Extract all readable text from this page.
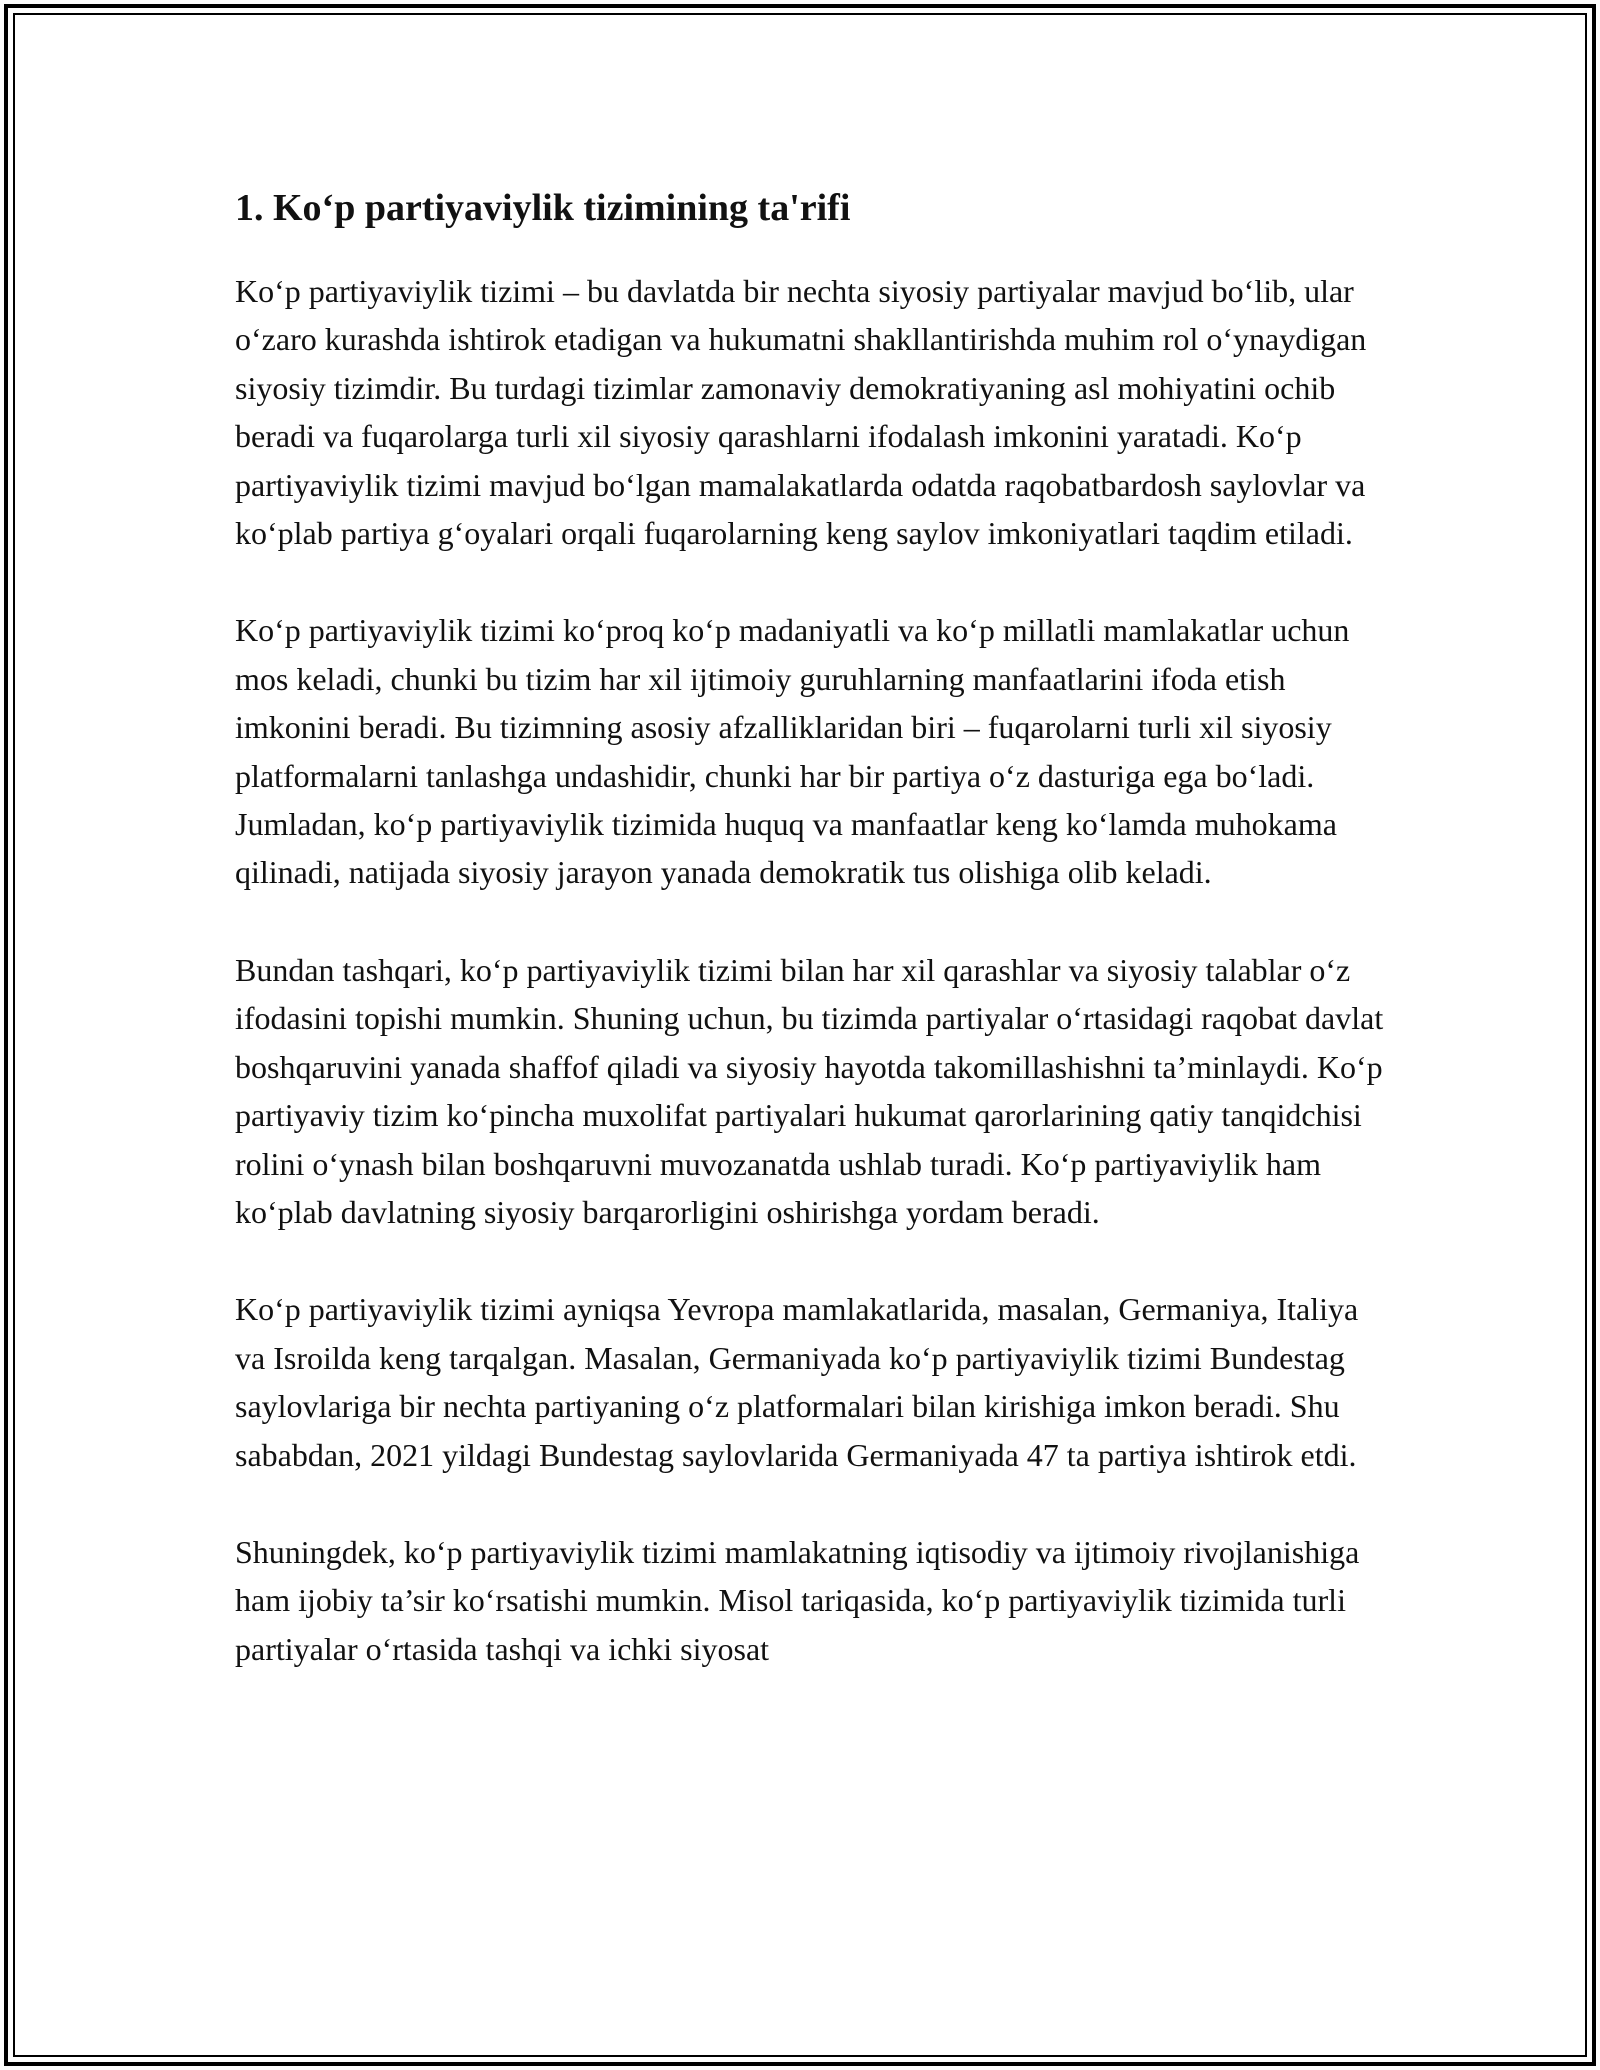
1. Koʻp partiyaviylik tizimining ta'rifi

Koʻp partiyaviylik tizimi – bu davlatda bir nechta siyosiy partiyalar mavjud boʻlib, ular oʻzaro kurashda ishtirok etadigan va hukumatni shakllantirishda muhim rol oʻynaydigan siyosiy tizimdir. Bu turdagi tizimlar zamonaviy demokratiyaning asl mohiyatini ochib beradi va fuqarolarga turli xil siyosiy qarashlarni ifodalash imkonini yaratadi. Koʻp partiyaviylik tizimi mavjud boʻlgan mamalakatlarda odatda raqobatbardosh saylovlar va koʻplab partiya gʻoyalari orqali fuqarolarning keng saylov imkoniyatlari taqdim etiladi.

Koʻp partiyaviylik tizimi koʻproq koʻp madaniyatli va koʻp millatli mamlakatlar uchun mos keladi, chunki bu tizim har xil ijtimoiy guruhlarning manfaatlarini ifoda etish imkonini beradi. Bu tizimning asosiy afzalliklaridan biri – fuqarolarni turli xil siyosiy platformalarni tanlashga undashidir, chunki har bir partiya oʻz dasturiga ega boʻladi. Jumladan, koʻp partiyaviylik tizimida huquq va manfaatlar keng koʻlamda muhokama qilinadi, natijada siyosiy jarayon yanada demokratik tus olishiga olib keladi.

Bundan tashqari, koʻp partiyaviylik tizimi bilan har xil qarashlar va siyosiy talablar oʻz ifodasini topishi mumkin. Shuning uchun, bu tizimda partiyalar oʻrtasidagi raqobat davlat boshqaruvini yanada shaffof qiladi va siyosiy hayotda takomillashishni ta’minlaydi. Koʻp partiyaviy tizim koʻpincha muxolifat partiyalari hukumat qarorlarining qatiy tanqidchisi rolini oʻynash bilan boshqaruvni muvozanatda ushlab turadi. Koʻp partiyaviylik ham koʻplab davlatning siyosiy barqarorligini oshirishga yordam beradi.

Koʻp partiyaviylik tizimi ayniqsa Yevropa mamlakatlarida, masalan, Germaniya, Italiya va Isroilda keng tarqalgan. Masalan, Germaniyada koʻp partiyaviylik tizimi Bundestag saylovlariga bir nechta partiyaning oʻz platformalari bilan kirishiga imkon beradi. Shu sababdan, 2021 yildagi Bundestag saylovlarida Germaniyada 47 ta partiya ishtirok etdi.

Shuningdek, koʻp partiyaviylik tizimi mamlakatning iqtisodiy va ijtimoiy rivojlanishiga ham ijobiy ta’sir koʻrsatishi mumkin. Misol tariqasida, koʻp partiyaviylik tizimida turli partiyalar oʻrtasida tashqi va ichki siyosat
